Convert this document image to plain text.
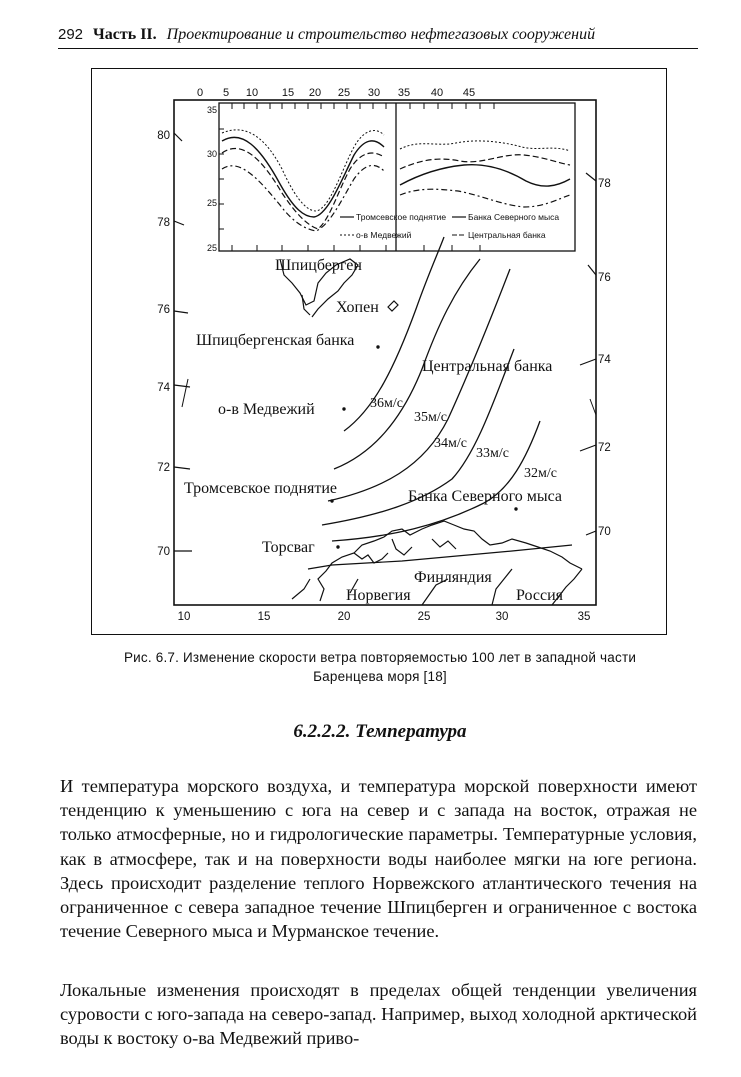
292 Часть II. Проектирование и строительство нефтегазовых сооружений
0 5 10 15 20 25 30 35 40 45
35
30
25
25
Тромсевское поднятие	Банка Северного мыса
о-в Медвежий	Центральная банка
80
78
76
74
72
70
78
76
74
72
70
10	15	20	25	30	35
Шпицберген
Хопен
Шпицбергенская банка
Центральная банка
о-в Медвежий
Тромсевское поднятие	Банка Северного мыса
Торсваг
Финляндия
Норвегия	Россия
36м/с
35м/с
34м/с
33м/с
32м/с
Рис. 6.7. Изменение скорости ветра повторяемостью 100 лет в западной части
Баренцева моря [18]
6.2.2.2. Температура

И температура морского воздуха, и температура морской поверхности имеют тенденцию к уменьшению с юга на север и с запада на восток, отражая не только атмосферные, но и гидрологические параметры. Температурные условия, как в атмосфере, так и на поверхности воды наиболее мягки на юге региона. Здесь происходит разделение теплого Норвежского атлантического течения на ограниченное с севера западное течение Шпицберген и ограниченное с востока течение Северного мыса и Мурманское течение.

Локальные изменения происходят в пределах общей тенденции увеличения суровости с юго-запада на северо-запад. Например, выход холодной арктической воды к востоку о-ва Медвежий приво-
